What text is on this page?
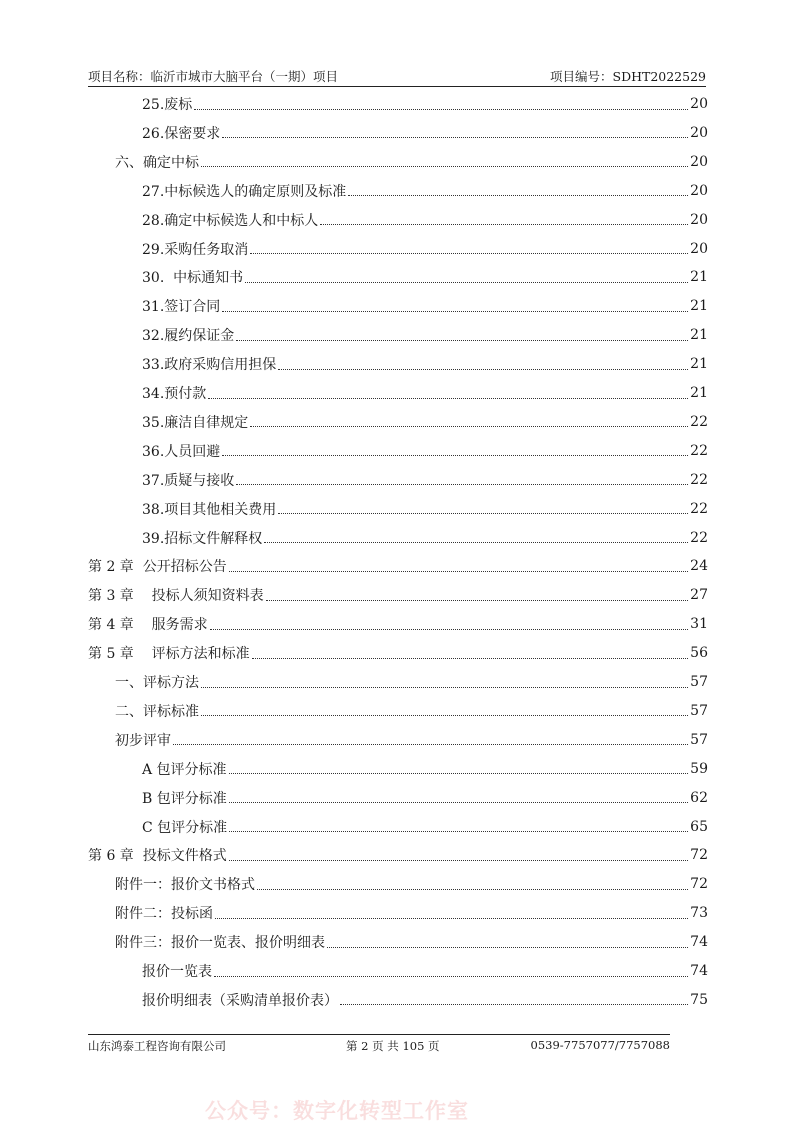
项目名称：临沂市城市大脑平台（一期）项目	项目编号：SDHT2022529
25.废标	20
26.保密要求	20
六、确定中标	20
27.中标候选人的确定原则及标准	20
28.确定中标候选人和中标人	20
29.采购任务取消	20
30.  中标通知书	21
31.签订合同	21
32.履约保证金	21
33.政府采购信用担保	21
34.预付款	21
35.廉洁自律规定	22
36.人员回避	22
37.质疑与接收	22
38.项目其他相关费用	22
39.招标文件解释权	22
第 2 章  公开招标公告	24
第 3 章    投标人须知资料表	27
第 4 章    服务需求	31
第 5 章    评标方法和标准	56
一、评标方法	57
二、评标标准	57
初步评审	57
A 包评分标准	59
B 包评分标准	62
C 包评分标准	65
第 6 章  投标文件格式	72
附件一：报价文书格式	72
附件二：投标函	73
附件三：报价一览表、报价明细表	74
报价一览表	74
报价明细表（采购清单报价表）	75
山东鸿泰工程咨询有限公司	第 2 页 共 105 页	0539-7757077/7757088
公众号：数字化转型工作室
